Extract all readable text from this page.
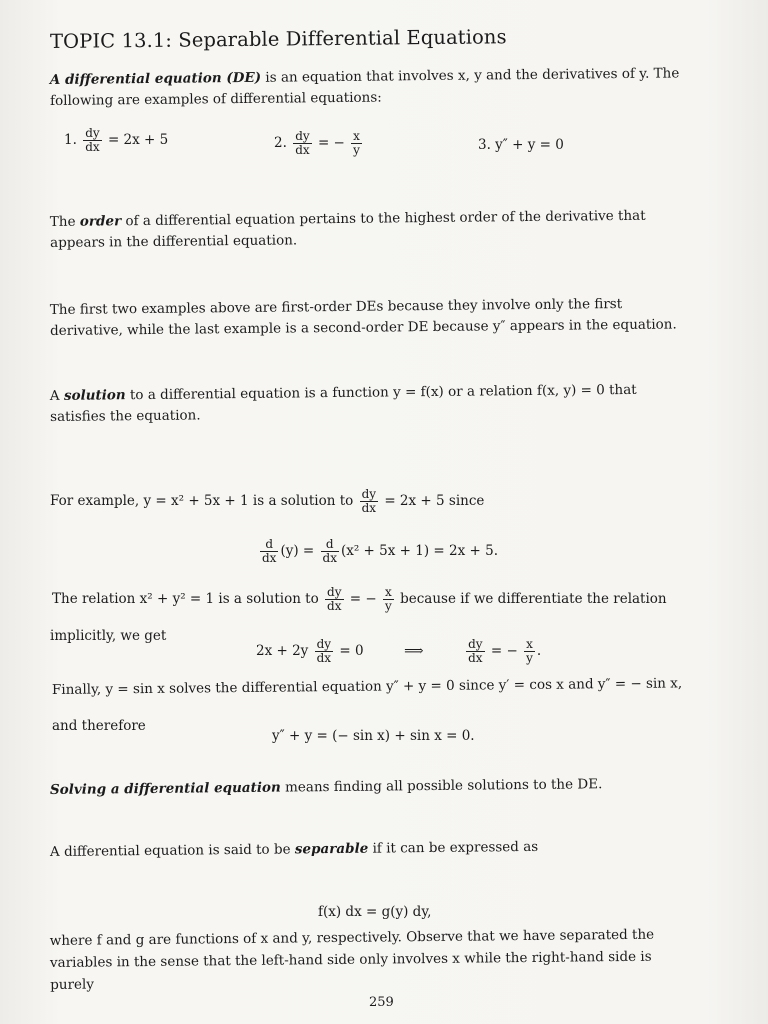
TOPIC 13.1: Separable Differential Equations
A differential equation (DE) is an equation that involves x, y and the derivatives of y. The following are examples of differential equations:
1. $\frac{dy}{dx} = 2x + 5$	2. $\frac{dy}{dx}$ = − $\frac{x}{y}$	3. y″ + y = 0
The order of a differential equation pertains to the highest order of the derivative that appears in the differential equation.
The first two examples above are first-order DEs because they involve only the first derivative, while the last example is a second-order DE because y″ appears in the equation.
A solution to a differential equation is a function y = f(x) or a relation f(x, y) = 0 that satisfies the equation.
For example, y = x² + 5x + 1 is a solution to $\frac{dy}{dx} = 2x + 5$ since
$\frac{d}{dx} (y) = \frac{d}{dx} (x^2 + 5x + 1) = 2x + 5$.
The relation x² + y² = 1 is a solution to $\frac{dy}{dx}$ = − $\frac{x}{y}$ because if we differentiate the relation
implicitly, we get
$2x + 2y \frac{dy}{dx} = 0$	⟹	$\frac{dy}{dx}$ = − $\frac{x}{y}$ .
Finally, y = sin x solves the differential equation y″ + y = 0 since y′ = cos x and y″ = − sin x,
and therefore
y″ + y = (− sin x) + sin x = 0.
Solving a differential equation means finding all possible solutions to the DE.
A differential equation is said to be separable if it can be expressed as
f(x) dx = g(y) dy,
where f and g are functions of x and y, respectively. Observe that we have separated the variables in the sense that the left-hand side only involves x while the right-hand side is purely
259
